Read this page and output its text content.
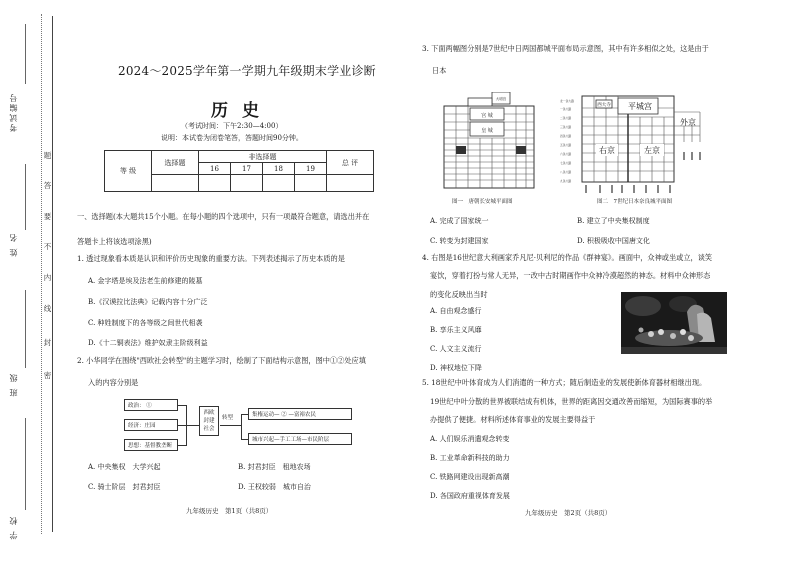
考试编号
姓 名
班 级
学 校
密
封
线
内
不
要
答
题
2024～2025学年第一学期九年级期末学业诊断
历史
（考试时间：下午2:30—4:00）
说明：本试卷为闭卷笔答，答题时间90分钟。
等 级	选择题	非选择题				总 评
		16	17	18	19	

一、选择题(本大题共15个小题。在每小题的四个选项中，只有一项最符合题意，请选出并在
答题卡上将该选项涂黑)
1. 透过现象看本质是认识和评价历史现象的重要方法。下列表述揭示了历史本质的是
A. 金字塔是埃及法老生前修建的陵墓
B.《汉谟拉比法典》记载内容十分广泛
C. 种姓制度下的各等级之间世代相袭
D.《十二铜表法》维护奴隶主阶级利益
2. 小华同学在围绕"西欧社会转型"的主题学习时，绘制了下面结构示意图，图中①②处应填
入的内容分别是
政治： ①
经济：庄园
思想：基督教垄断
西欧封建社会
转型	集権运动— ② —富裕农民
城市兴起—手工工场—市民阶层
A. 中央集权　大学兴起	B. 封君封臣　租地农场
C. 骑士阶层　封君封臣	D. 王权较弱　城市自治
九年级历史　第1页（共8页）
3. 下面两幅图分别是7世纪中日两国都城平面布局示意图，其中有许多相似之处，这是由于
日本
宫 城
皇 城
大明宫
图一　唐朝长安城平面图
北一条大路
一条大路
二条大路
三条大路
四条大路
五条大路
六条大路
七条大路
八条大路
九条大路
西大寺 平城宫
外京
右京	左京
图二　7世纪日本奈良城平面图
A. 完成了国家统一	B. 建立了中央集权制度
C. 转变为封建国家	D. 积极吸收中国唐文化
4. 右图是16世纪意大利画家乔凡尼·贝利尼的作品《群神宴》。画面中，众神或坐或立，谈笑
宴饮，穿着打扮与常人无异，一改中古时期画作中众神冷漠超然的神态。材料中众神形态
的变化反映出当时
A. 自由观念盛行
B. 享乐主义风靡
C. 人文主义流行
D. 神权地位下降
5. 18世纪中叶体育成为人们消遣的一种方式；随后制造业的发展使新体育器材相继出现。
19世纪中叶分散的世界被联结成有机体，世界的距离因交通改善而缩短，为国际赛事的举
办提供了便捷。材料所述体育事业的发展主要得益于
A. 人们娱乐消遣观念转变
B. 工业革命新科技的助力
C. 铁路网建设出现新高潮
D. 各国政府重视体育发展
九年级历史　第2页（共8页）
